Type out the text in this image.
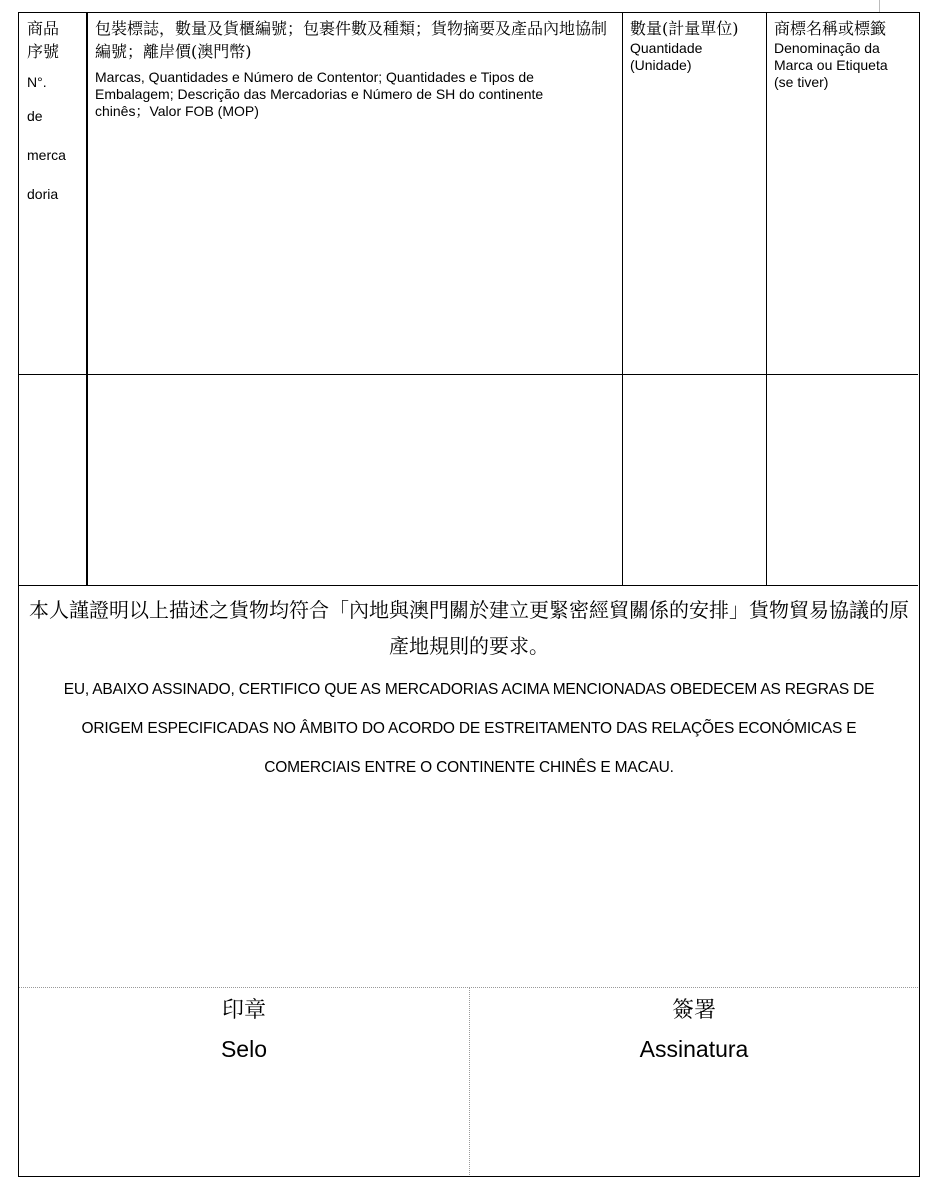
商品序號
N°.
de
merca
doria
包裝標誌，數量及貨櫃編號；包裹件數及種類；貨物摘要及產品內地協制編號；離岸價(澳門幣)
Marcas, Quantidades e Número de Contentor; Quantidades e Tipos de Embalagem; Descrição das Mercadorias e Número de SH do continente chinês；Valor FOB (MOP)
數量(計量單位)
Quantidade (Unidade)
商標名稱或標籤
Denominação da Marca ou Etiqueta (se tiver)
本人謹證明以上描述之貨物均符合「內地與澳門關於建立更緊密經貿關係的安排」貨物貿易協議的原產地規則的要求。
EU, ABAIXO ASSINADO, CERTIFICO QUE AS MERCADORIAS ACIMA MENCIONADAS OBEDECEM AS REGRAS DE ORIGEM ESPECIFICADAS NO ÂMBITO DO ACORDO DE ESTREITAMENTO DAS RELAÇÕES ECONÓMICAS E COMERCIAIS ENTRE O CONTINENTE CHINÊS E MACAU.
印章
Selo
簽署
Assinatura
